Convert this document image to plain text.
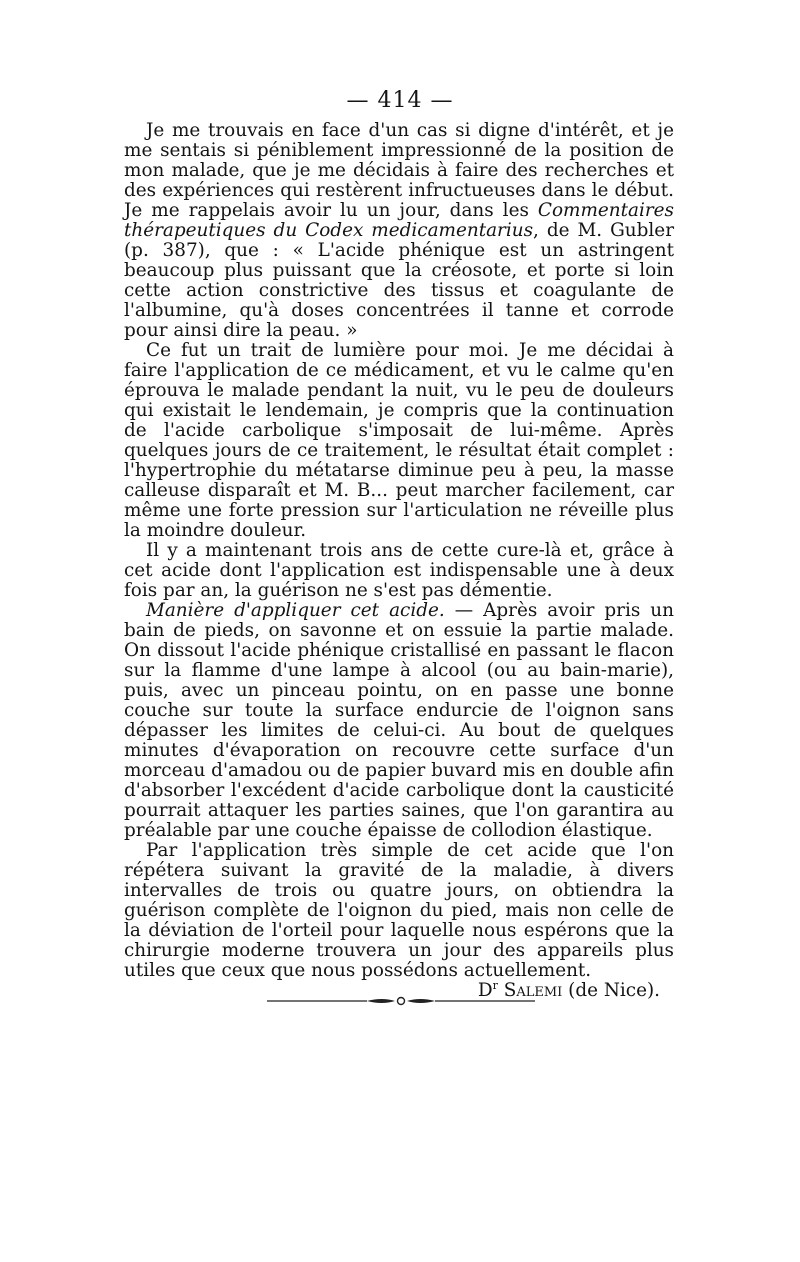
— 414 —

Je me trouvais en face d'un cas si digne d'intérêt, et je me sentais si péniblement impressionné de la position de mon malade, que je me décidais à faire des recherches et des expériences qui restèrent infructueuses dans le début. Je me rappelais avoir lu un jour, dans les Commentaires thérapeutiques du Codex medicamentarius, de M. Gubler (p. 387), que : « L'acide phénique est un astringent beaucoup plus puissant que la créosote, et porte si loin cette action constrictive des tissus et coagulante de l'albumine, qu'à doses concentrées il tanne et corrode pour ainsi dire la peau. »

Ce fut un trait de lumière pour moi. Je me décidai à faire l'application de ce médicament, et vu le calme qu'en éprouva le malade pendant la nuit, vu le peu de douleurs qui existait le lendemain, je compris que la continuation de l'acide carbolique s'imposait de lui-même. Après quelques jours de ce traitement, le résultat était complet : l'hypertrophie du métatarse diminue peu à peu, la masse calleuse disparaît et M. B... peut marcher facilement, car même une forte pression sur l'articulation ne réveille plus la moindre douleur.

Il y a maintenant trois ans de cette cure-là et, grâce à cet acide dont l'application est indispensable une à deux fois par an, la guérison ne s'est pas démentie.

Manière d'appliquer cet acide. — Après avoir pris un bain de pieds, on savonne et on essuie la partie malade. On dissout l'acide phénique cristallisé en passant le flacon sur la flamme d'une lampe à alcool (ou au bain-marie), puis, avec un pinceau pointu, on en passe une bonne couche sur toute la surface endurcie de l'oignon sans dépasser les limites de celui-ci. Au bout de quelques minutes d'évaporation on recouvre cette surface d'un morceau d'amadou ou de papier buvard mis en double afin d'absorber l'excédent d'acide carbolique dont la causticité pourrait attaquer les parties saines, que l'on garantira au préalable par une couche épaisse de collodion élastique.

Par l'application très simple de cet acide que l'on répétera suivant la gravité de la maladie, à divers intervalles de trois ou quatre jours, on obtiendra la guérison complète de l'oignon du pied, mais non celle de la déviation de l'orteil pour laquelle nous espérons que la chirurgie moderne trouvera un jour des appareils plus utiles que ceux que nous possédons actuellement.

$D^r$ Salemi (de Nice).
